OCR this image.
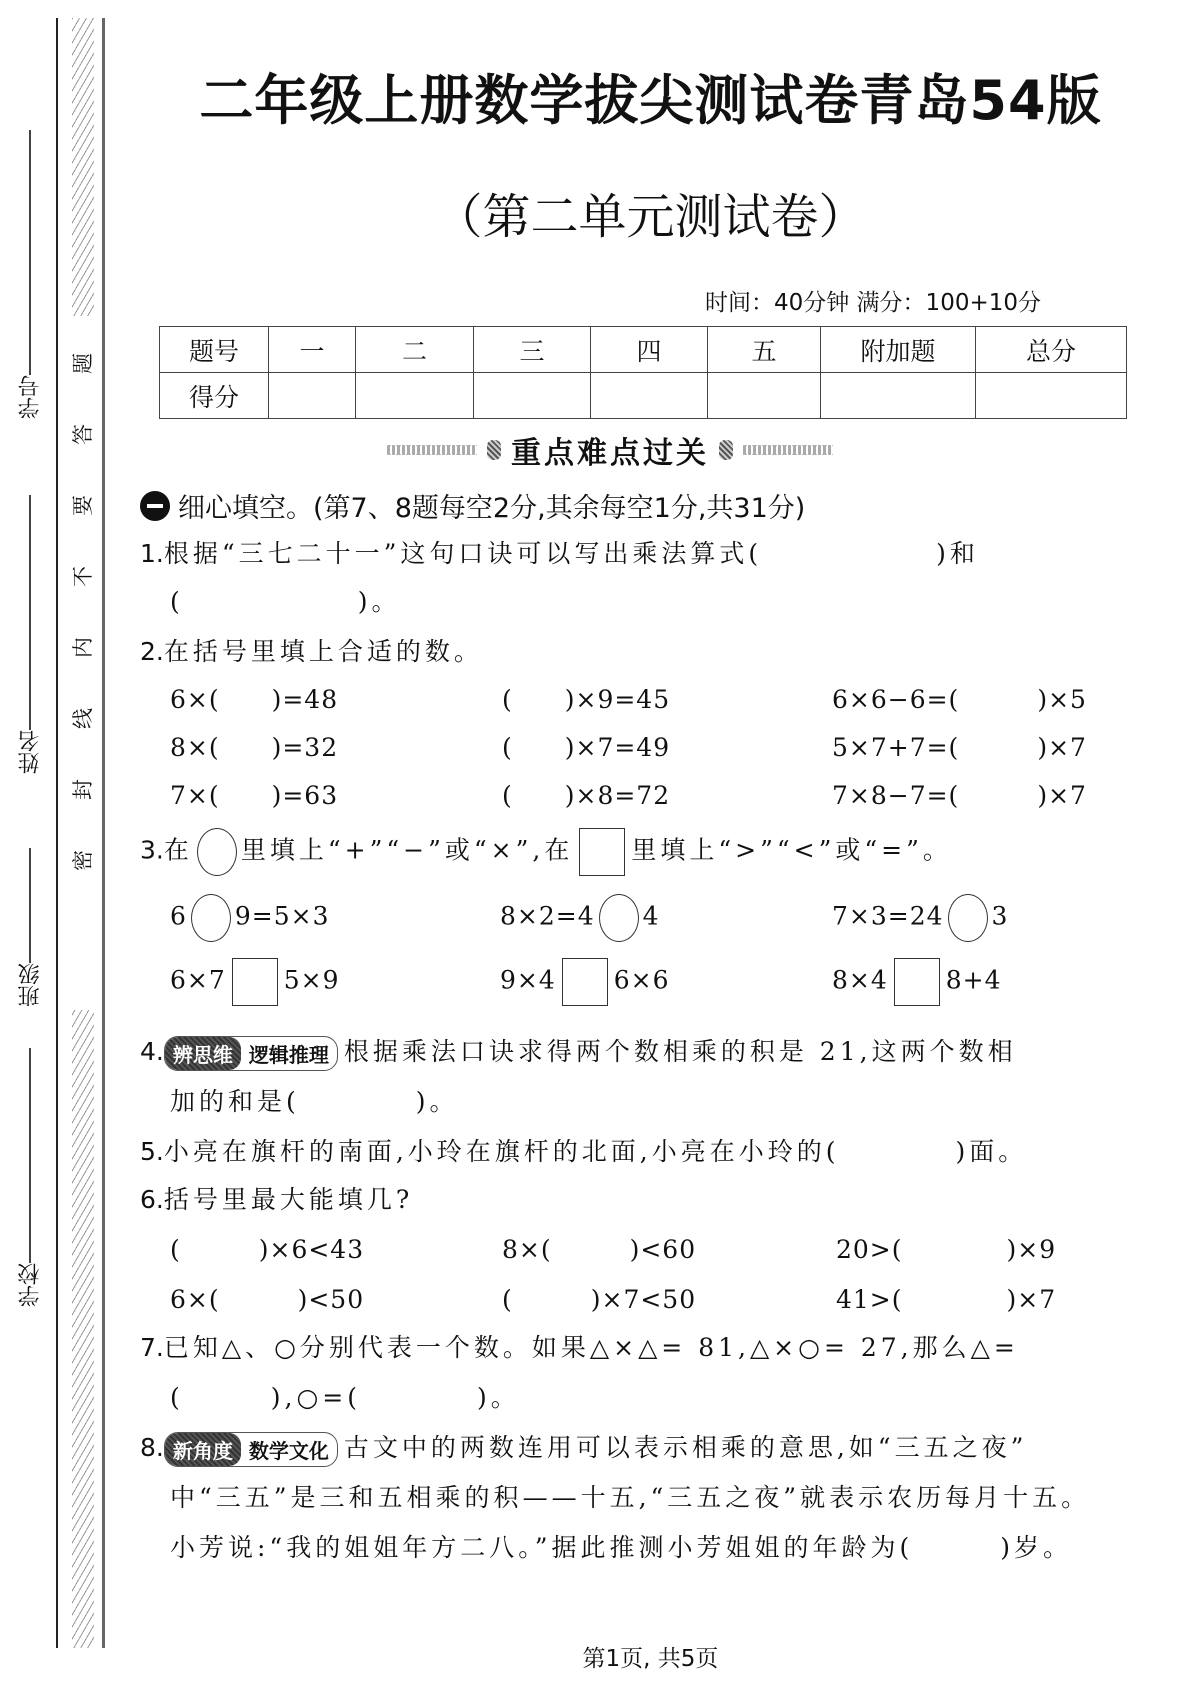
学号
姓名
班级
学校
题
答
要
不
内
线
封
密
二年级上册数学拔尖测试卷青岛54版
（第二单元测试卷）
时间：40分钟 满分：100+10分
题号	一	二	三	四	五	附加题	总分
得分							
重点难点过关
细心填空。(第7、8题每空2分,其余每空1分,共31分)
1.根据“三七二十一”这句口诀可以写出乘法算式(　　　　　　)和
(　　　　　　)。
2.在括号里填上合适的数。
6×(　　)=48	(　　)×9=45	6×6−6=(　　　)×5
8×(　　)=32	(　　)×7=49	5×7+7=(　　　)×7
7×(　　)=63	(　　)×8=72	7×8−7=(　　　)×7
3.在 里填上“+”“−”或“×”,在 里填上“>”“<”或“=”。
6 9=5×3	8×2=4 4	7×3=24 3
6×7 5×9	9×4 6×6	8×4 8+4
4. 辨思维 逻辑推理 根据乘法口诀求得两个数相乘的积是 21,这两个数相
加的和是(　　　　)。
5.小亮在旗杆的南面,小玲在旗杆的北面,小亮在小玲的(　　　　)面。
6.括号里最大能填几?
(　　　)×6<43	8×(　　　)<60	20>(　　　　)×9
6×(　　　)<50	(　　　)×7<50	41>(　　　　)×7
7.已知△、○分别代表一个数。如果△×△= 81,△×○= 27,那么△=
(　　　),○=(　　　　)。
8. 新角度 数学文化 古文中的两数连用可以表示相乘的意思,如“三五之夜”
中“三五”是三和五相乘的积——十五,“三五之夜”就表示农历每月十五。
小芳说:“我的姐姐年方二八。”据此推测小芳姐姐的年龄为(　　　)岁。
第1页, 共5页
